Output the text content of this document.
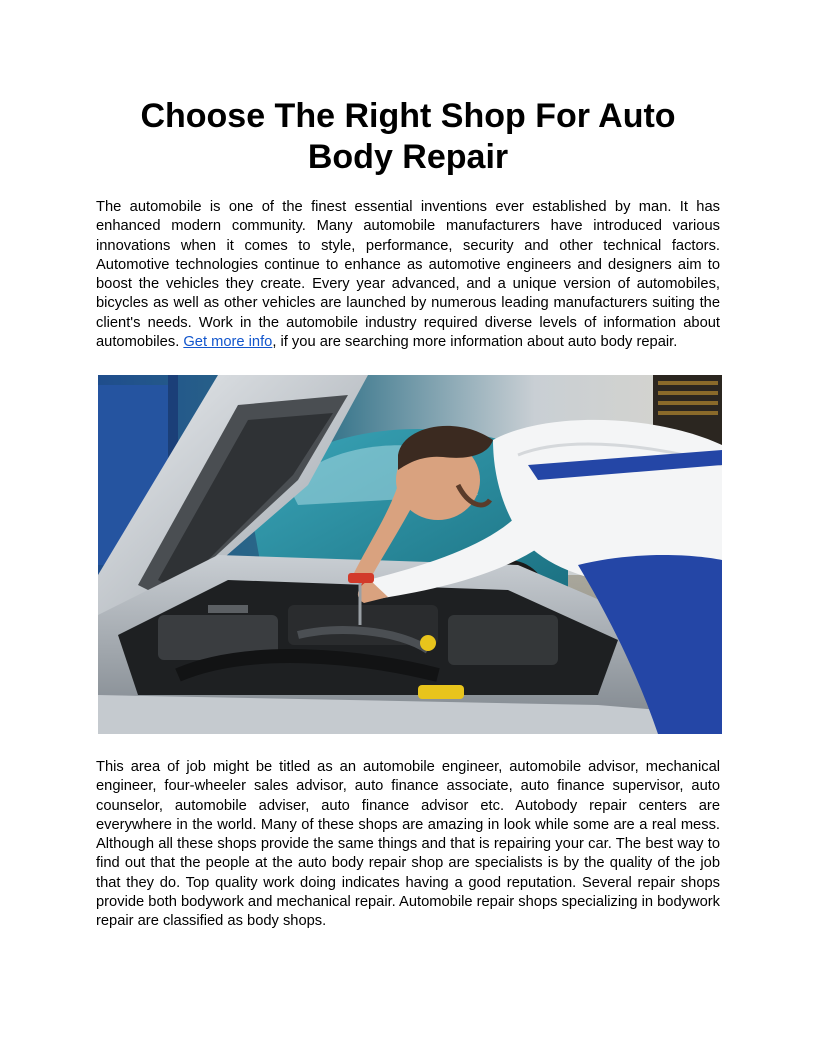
Choose The Right Shop For Auto Body Repair

The automobile is one of the finest essential inventions ever established by man. It has enhanced modern community. Many automobile manufacturers have introduced various innovations when it comes to style, performance, security and other technical factors. Automotive technologies continue to enhance as automotive engineers and designers aim to boost the vehicles they create. Every year advanced, and a unique version of automobiles, bicycles as well as other vehicles are launched by numerous leading manufacturers suiting the client's needs. Work in the automobile industry required diverse levels of information about automobiles. Get more info, if you are searching more information about auto body repair.

This area of job might be titled as an automobile engineer, automobile advisor, mechanical engineer, four-wheeler sales advisor, auto finance associate, auto finance supervisor, auto counselor, automobile adviser, auto finance advisor etc. Autobody repair centers are everywhere in the world. Many of these shops are amazing in look while some are a real mess. Although all these shops provide the same things and that is repairing your car. The best way to find out that the people at the auto body repair shop are specialists is by the quality of the job that they do. Top quality work doing indicates having a good reputation. Several repair shops provide both bodywork and mechanical repair. Automobile repair shops specializing in bodywork repair are classified as body shops.
